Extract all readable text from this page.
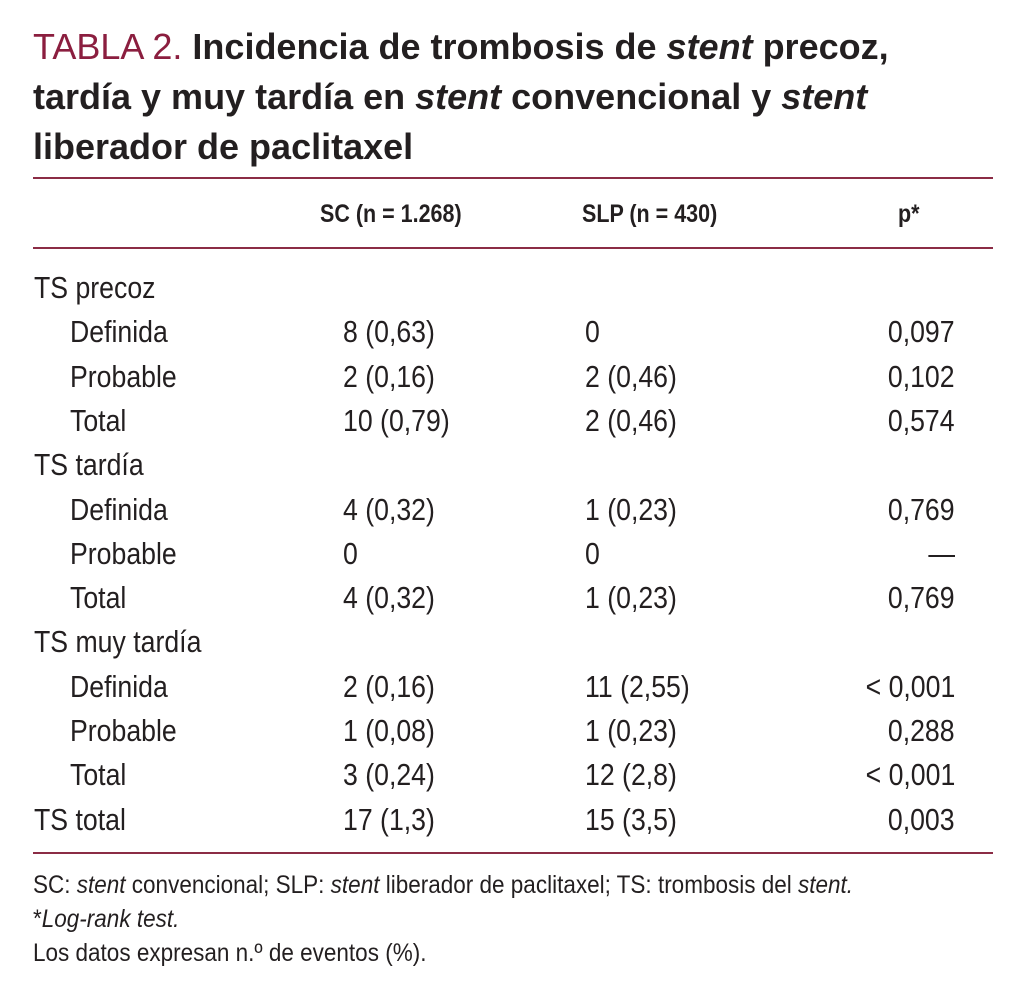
TABLA 2. Incidencia de trombosis de stent precoz, tardía y muy tardía en stent convencional y stent liberador de paclitaxel
SC (n = 1.268)	SLP (n = 430)	p*
TS precoz
Definida	8 (0,63)	0	0,097
Probable	2 (0,16)	2 (0,46)	0,102
Total	10 (0,79)	2 (0,46)	0,574
TS tardía
Definida	4 (0,32)	1 (0,23)	0,769
Probable	0	0	—
Total	4 (0,32)	1 (0,23)	0,769
TS muy tardía
Definida	2 (0,16)	11 (2,55)	< 0,001
Probable	1 (0,08)	1 (0,23)	0,288
Total	3 (0,24)	12 (2,8)	< 0,001
TS total	17 (1,3)	15 (3,5)	0,003
SC: stent convencional; SLP: stent liberador de paclitaxel; TS: trombosis del stent.
*Log-rank test.
Los datos expresan n.º de eventos (%).
